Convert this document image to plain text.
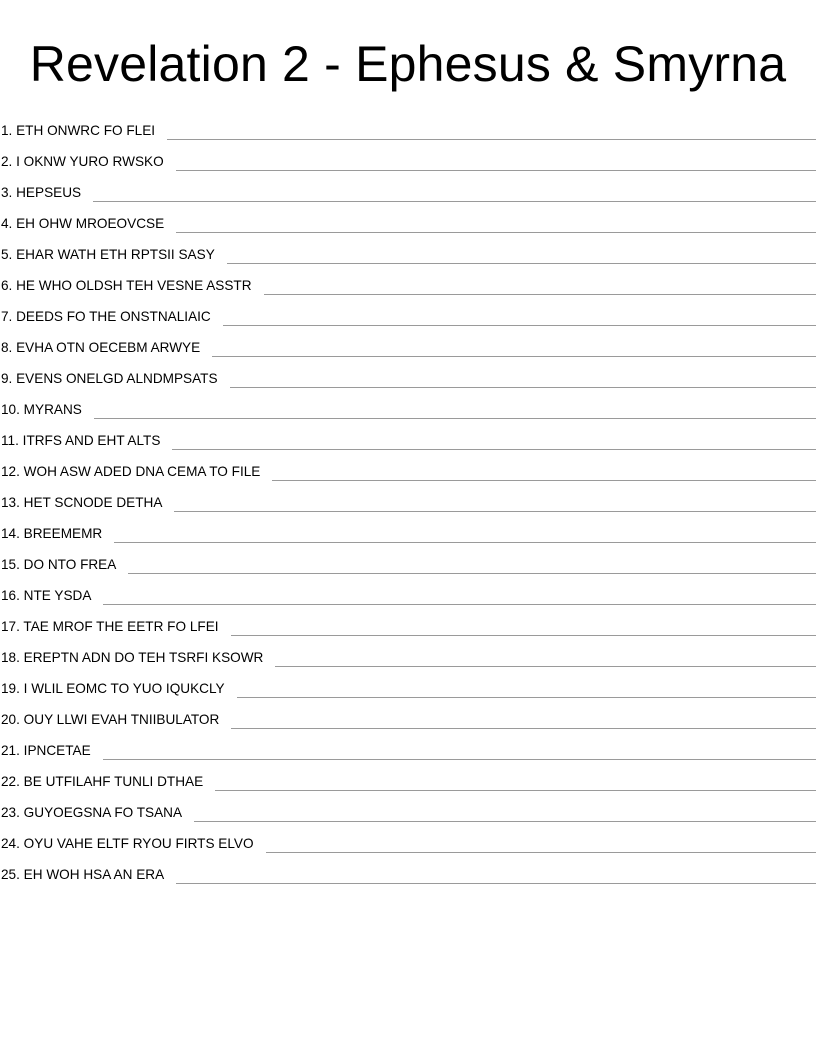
Revelation 2 - Ephesus & Smyrna
1. ETH ONWRC FO FLEI
2. I OKNW YURO RWSKO
3. HEPSEUS
4. EH OHW MROEOVCSE
5. EHAR WATH ETH RPTSII SASY
6. HE WHO OLDSH TEH VESNE ASSTR
7. DEEDS FO THE ONSTNALIAIC
8. EVHA OTN OECEBM ARWYE
9. EVENS ONELGD ALNDMPSATS
10. MYRANS
11. ITRFS AND EHT ALTS
12. WOH ASW ADED DNA CEMA TO FILE
13. HET SCNODE DETHA
14. BREEMEMR
15. DO NTO FREA
16. NTE YSDA
17. TAE MROF THE EETR FO LFEI
18. EREPTN ADN DO TEH TSRFI KSOWR
19. I WLIL EOMC TO YUO IQUKCLY
20. OUY LLWI EVAH TNIIBULATOR
21. IPNCETAE
22. BE UTFILAHF TUNLI DTHAE
23. GUYOEGSNA FO TSANA
24. OYU VAHE ELTF RYOU FIRTS ELVO
25. EH WOH HSA AN ERA
